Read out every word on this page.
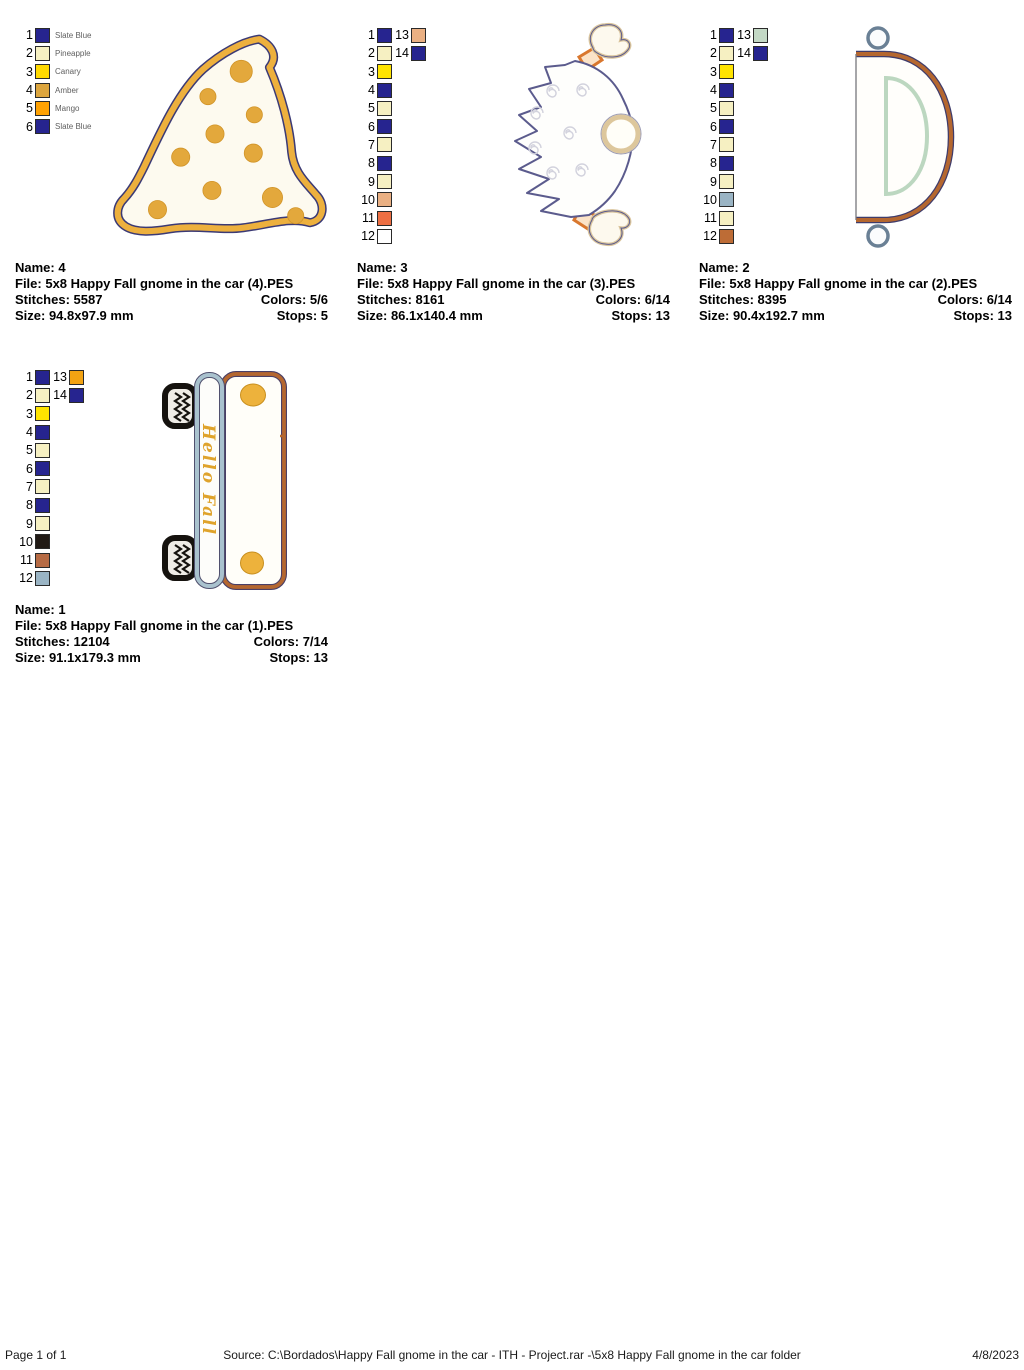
1	Slate Blue
2	Pineapple
3	Canary
4	Amber
5	Mango
6	Slate Blue
Name: 4
File: 5x8 Happy Fall gnome in the car (4).PES
Stitches: 5587	Colors: 5/6
Size: 94.8x97.9 mm	Stops: 5
1
2
3
4
5
6
7
8
9
10
11
12
13
14
Name: 3
File: 5x8 Happy Fall gnome in the car (3).PES
Stitches: 8161	Colors: 6/14
Size: 86.1x140.4 mm	Stops: 13
1
2
3
4
5
6
7
8
9
10
11
12
13
14
Name: 2
File: 5x8 Happy Fall gnome in the car (2).PES
Stitches: 8395	Colors: 6/14
Size: 90.4x192.7 mm	Stops: 13
1
2
3
4
5
6
7
8
9
10
11
12
13
14
Hello Fall
Name: 1
File: 5x8 Happy Fall gnome in the car (1).PES
Stitches: 12104	Colors: 7/14
Size: 91.1x179.3 mm	Stops: 13
Page 1 of 1	Source: C:\Bordados\Happy Fall gnome in the car - ITH - Project.rar -\5x8 Happy Fall gnome in the car folder	4/8/2023
